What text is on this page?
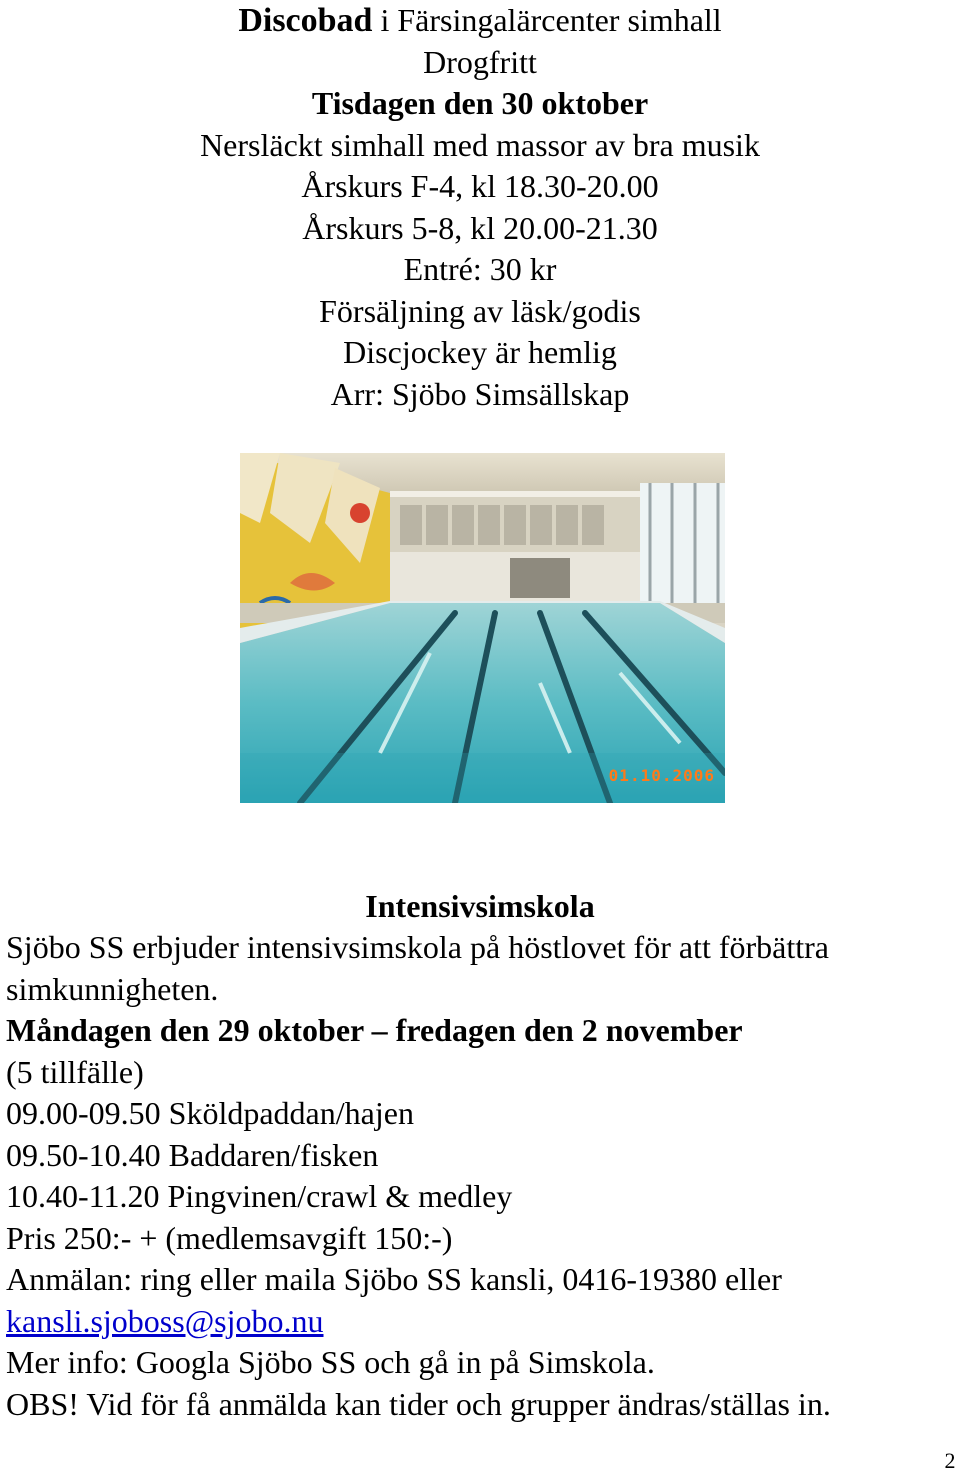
Discobad i Färsingalärcenter simhall
Drogfritt
Tisdagen den 30 oktober
Nersläckt simhall med massor av bra musik
Årskurs F-4, kl 18.30-20.00
Årskurs 5-8, kl 20.00-21.30
Entré: 30 kr
Försäljning av läsk/godis
Discjockey är hemlig
Arr: Sjöbo Simsällskap
01.10.2006
Intensivsimskola
Sjöbo SS erbjuder intensivsimskola på höstlovet för att förbättra
simkunnigheten.
Måndagen den 29 oktober – fredagen den 2 november
(5 tillfälle)
09.00-09.50 Sköldpaddan/hajen
09.50-10.40 Baddaren/fisken
10.40-11.20 Pingvinen/crawl & medley
Pris 250:- + (medlemsavgift 150:-)
Anmälan: ring eller maila Sjöbo SS kansli, 0416-19380 eller
kansli.sjoboss@sjobo.nu
Mer info: Googla Sjöbo SS och gå in på Simskola.
OBS! Vid för få anmälda kan tider och grupper ändras/ställas in.
2
